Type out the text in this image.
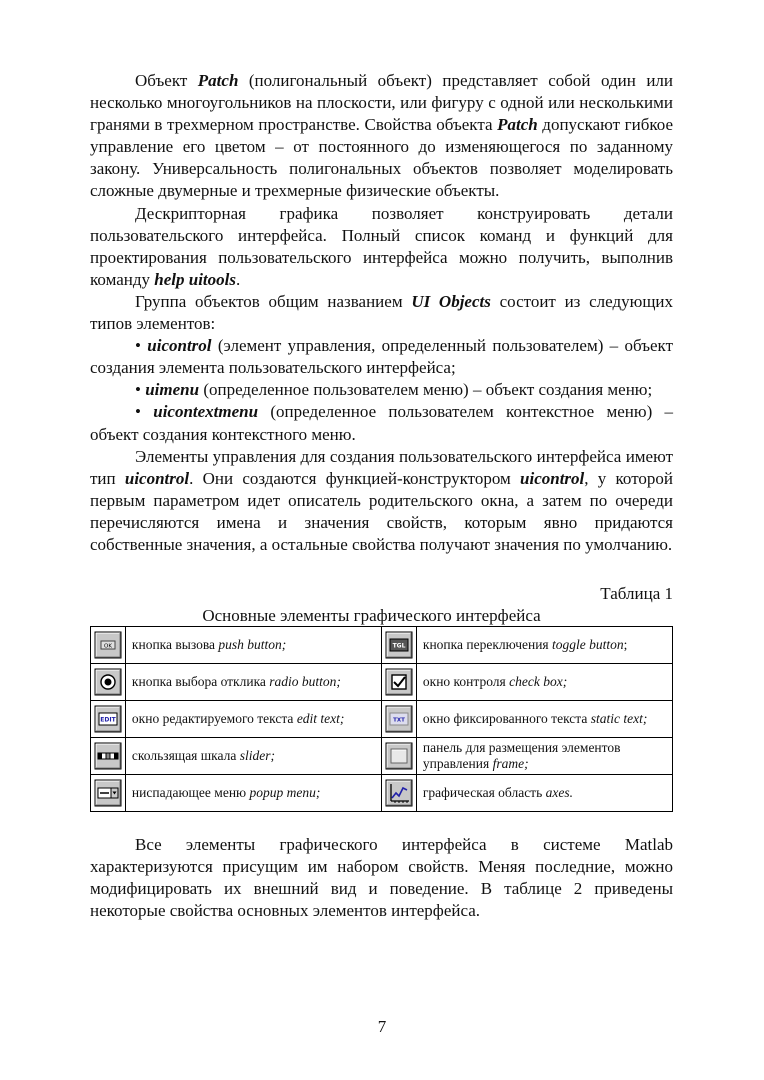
Объект Patch (полигональный объект) представляет собой один или несколько многоугольников на плоскости, или фигуру с одной или несколькими гранями в трехмерном пространстве. Свойства объекта Patch допускают гибкое управление его цветом – от постоянного до изменяющегося по заданному закону. Универсальность полигональных объектов позволяет моделировать сложные двумерные и трехмерные физические объекты.

Дескрипторная графика позволяет конструировать детали пользовательского интерфейса. Полный список команд и функций для проектирования пользовательского интерфейса можно получить, выполнив команду help uitools.

Группа объектов общим названием UI Objects состоит из следующих типов элементов:

• uicontrol (элемент управления, определенный пользователем) – объект создания элемента пользовательского интерфейса;

• uimenu (определенное пользователем меню) – объект создания меню;

• uicontextmenu (определенное пользователем контекстное меню) – объект создания контекстного меню.

Элементы управления для создания пользовательского интерфейса имеют тип uicontrol. Они создаются функцией-конструктором uicontrol, у которой первым параметром идет описатель родительского окна, а затем по очереди перечисляются имена и значения свойств, которым явно придаются собственные значения, а остальные свойства получают значения по умолчанию.

Таблица 1
Основные элементы графического интерфейса
OK	кнопка вызова push button;	TGL	кнопка переключения toggle button;
	кнопка выбора отклика radio button;		окно контроля check box;

EDIT	окно редактируемого текста edit text;	TXT	окно фиксированного текста static text;
	скользящая шкала slider;		панель для размещения элементов управления frame;
	ниспадающее меню popup menu;		графическая область axes.

Все элементы графического интерфейса в системе Matlab характеризуются присущим им набором свойств. Меняя последние, можно модифицировать их внешний вид и поведение. В таблице 2 приведены некоторые свойства основных элементов интерфейса.

7
